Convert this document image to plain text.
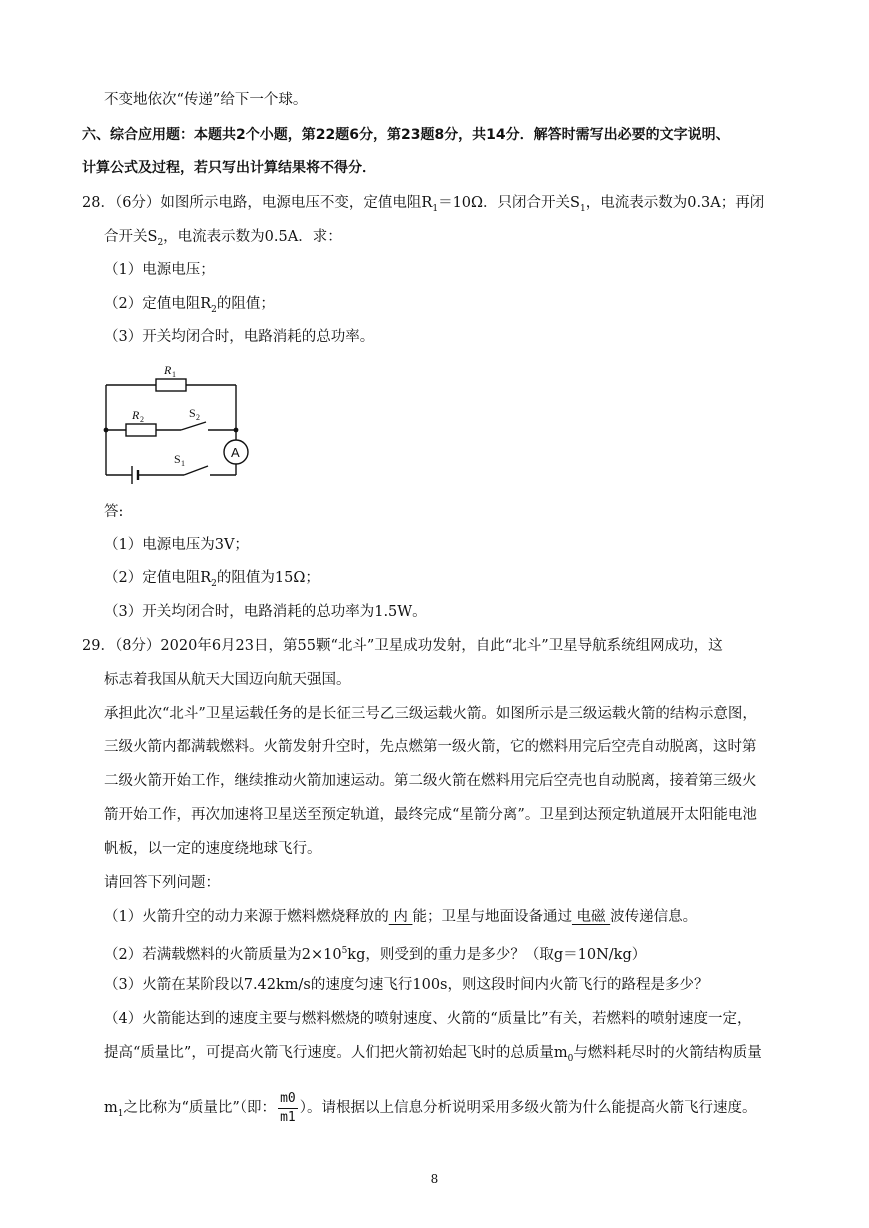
不变地依次“传递”给下一个球。
六、综合应用题：本题共2个小题，第22题6分，第23题8分，共14分．解答时需写出必要的文字说明、
计算公式及过程，若只写出计算结果将不得分．
28．（6分）如图所示电路，电源电压不变，定值电阻$R_1=10\Omega$．只闭合开关$S_1$，电流表示数为0.3A；再闭
合开关$S_2$，电流表示数为0.5A．求：
（1）电源电压；
（2）定值电阻$R_2$的阻值；
（3）开关均闭合时，电路消耗的总功率。
R 1
R 2	S 2
S 1
A
答:
（1）电源电压为3V；
（2）定值电阻$R_2$的阻值为15Ω；
（3）开关均闭合时，电路消耗的总功率为1.5W。
29．（8分）2020年6月23日，第55颗“北斗”卫星成功发射，自此“北斗”卫星导航系统组网成功，这
标志着我国从航天大国迈向航天强国。
承担此次“北斗”卫星运载任务的是长征三号乙三级运载火箭。如图所示是三级运载火箭的结构示意图，
三级火箭内都满载燃料。火箭发射升空时，先点燃第一级火箭，它的燃料用完后空壳自动脱离，这时第
二级火箭开始工作，继续推动火箭加速运动。第二级火箭在燃料用完后空壳也自动脱离，接着第三级火
箭开始工作，再次加速将卫星送至预定轨道，最终完成“星箭分离”。卫星到达预定轨道展开太阳能电池
帆板，以一定的速度绕地球飞行。
请回答下列问题：
（1）火箭升空的动力来源于燃料燃烧释放的 内 能；卫星与地面设备通过 电磁 波传递信息。
（2）若满载燃料的火箭质量为$2\times 10^5kg$，则受到的重力是多少？（取g＝10N/kg）
（3）火箭在某阶段以7.42km/s的速度匀速飞行100s，则这段时间内火箭飞行的路程是多少？
（4）火箭能达到的速度主要与燃料燃烧的喷射速度、火箭的“质量比”有关，若燃料的喷射速度一定，
提高“质量比”，可提高火箭飞行速度。人们把火箭初始起飞时的总质量$m_0$与燃料耗尽时的火箭结构质量
$m_1$之比称为“质量比”（即： $\frac{m0}{m1}$ ）。请根据以上信息分析说明采用多级火箭为什么能提高火箭飞行速度。
8
